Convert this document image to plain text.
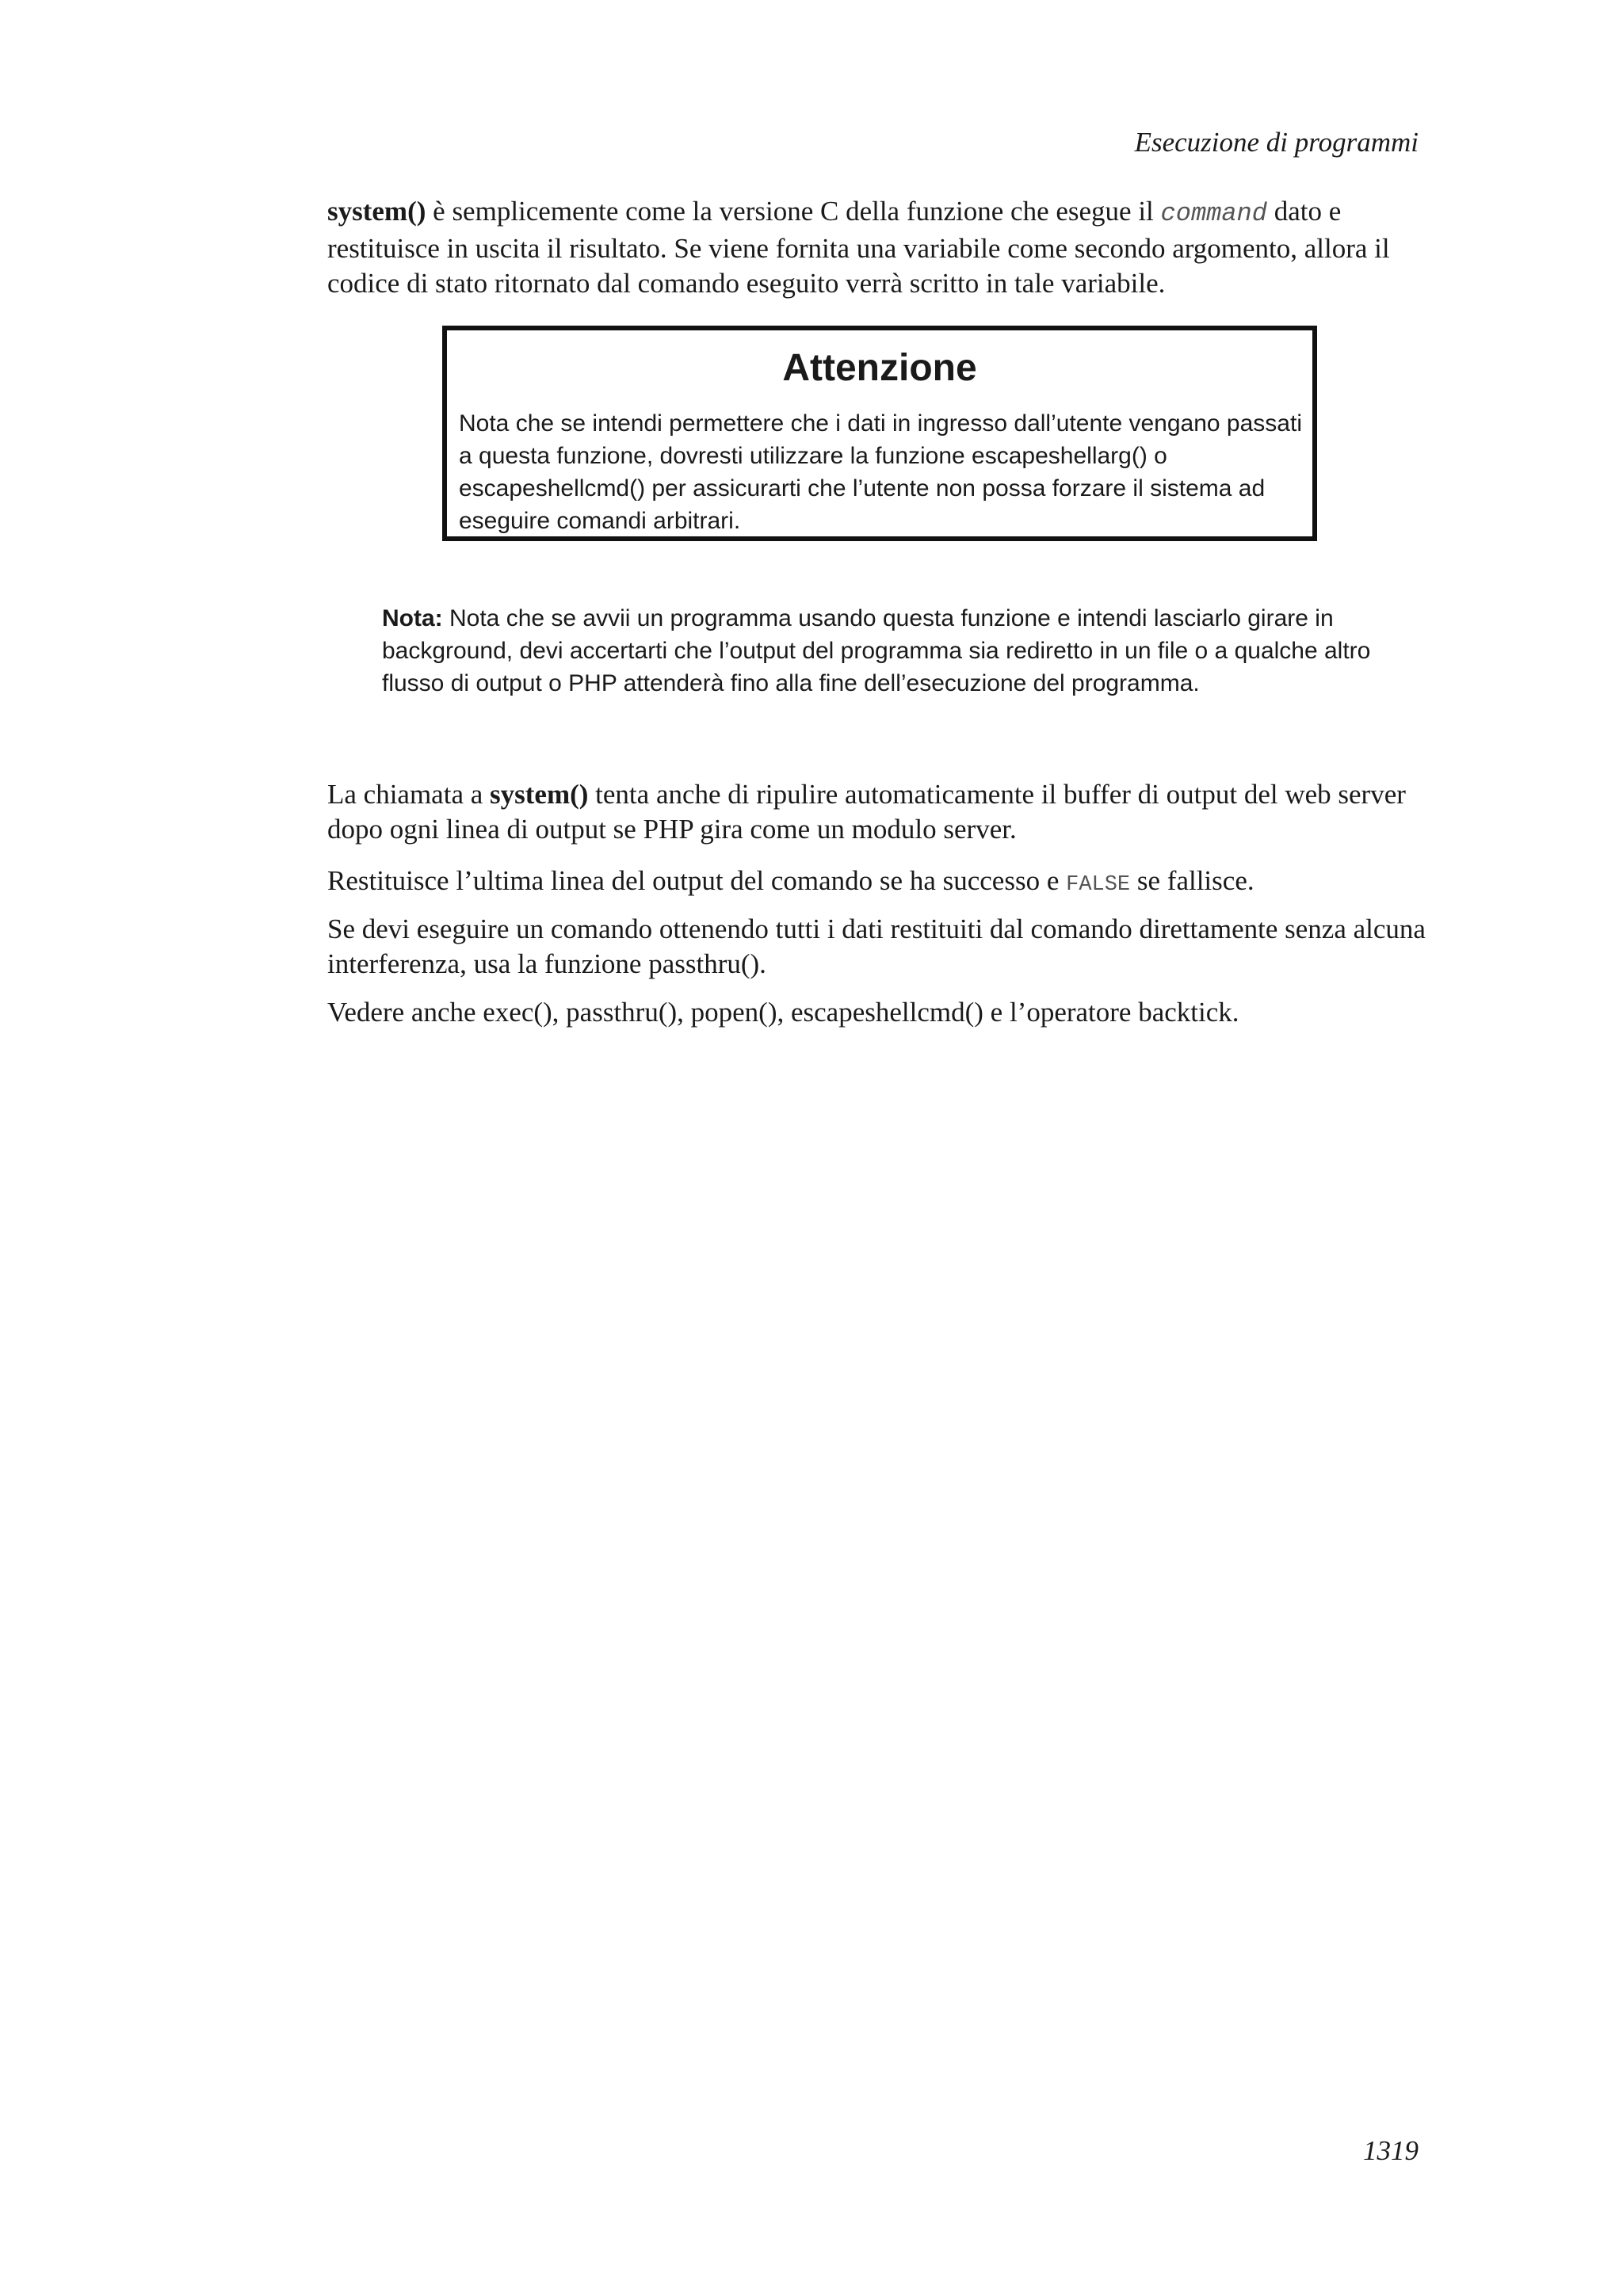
Esecuzione di programmi

system() è semplicemente come la versione C della funzione che esegue il command dato e restituisce in uscita il risultato. Se viene fornita una variabile come secondo argomento, allora il codice di stato ritornato dal comando eseguito verrà scritto in tale variabile.

Attenzione
Nota che se intendi permettere che i dati in ingresso dall’utente vengano passati a questa funzione, dovresti utilizzare la funzione escapeshellarg() o escapeshellcmd() per assicurarti che l’utente non possa forzare il sistema ad eseguire comandi arbitrari.
Nota: Nota che se avvii un programma usando questa funzione e intendi lasciarlo girare in background, devi accertarti che l’output del programma sia rediretto in un file o a qualche altro flusso di output o PHP attenderà fino alla fine dell’esecuzione del programma.

La chiamata a system() tenta anche di ripulire automaticamente il buffer di output del web server dopo ogni linea di output se PHP gira come un modulo server.

Restituisce l’ultima linea del output del comando se ha successo e FALSE se fallisce.

Se devi eseguire un comando ottenendo tutti i dati restituiti dal comando direttamente senza alcuna interferenza, usa la funzione passthru().

Vedere anche exec(), passthru(), popen(), escapeshellcmd() e l’operatore backtick.

1319
